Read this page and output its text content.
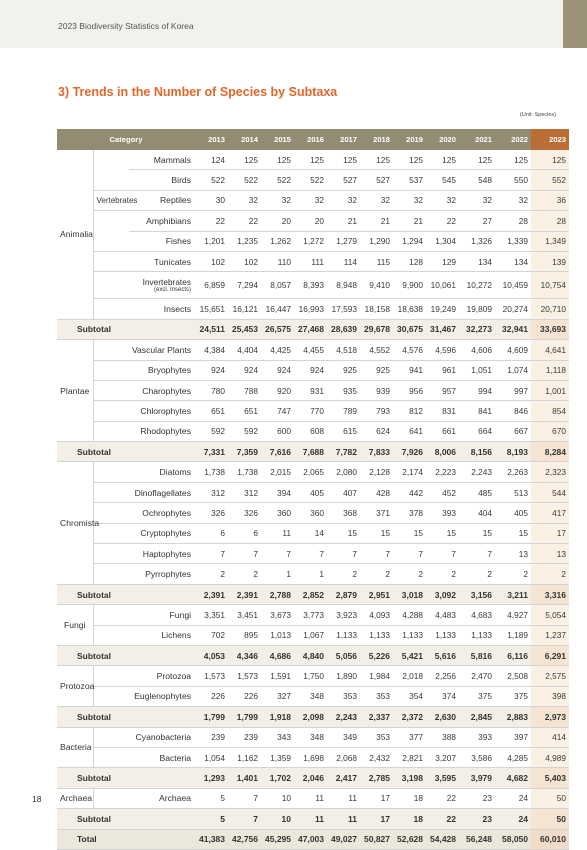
2023 Biodiversity Statistics of Korea
3) Trends in the Number of Species by Subtaxa
(Unit: Species)
Category			2013	2014	2015	2016	2017	2018	2019	2020	2021	2022	2023
Animalia		Mammals	124	125	125	125	125	125	125	125	125	125	125
		Birds	522	522	522	522	527	527	537	545	548	550	552
	Vertebrates	Reptiles	30	32	32	32	32	32	32	32	32	32	36
		Amphibians	22	22	20	20	21	21	21	22	27	28	28
		Fishes	1,201	1,235	1,262	1,272	1,279	1,290	1,294	1,304	1,326	1,339	1,349
	Tunicates		102	102	110	111	114	115	128	129	134	134	139

	Invertebrates
(excl. Insects)		6,859	7,294	8,057	8,393	8,948	9,410	9,900	10,061	10,272	10,459	10,754
	Insects		15,651	16,121	16,447	16,993	17,593	18,158	18,638	19,249	19,809	20,274	20,710
Subtotal			24,511	25,453	26,575	27,468	28,639	29,678	30,675	31,467	32,273	32,941	33,693
Plantae	Vascular Plants		4,384	4,404	4,425	4,455	4,518	4,552	4,576	4,596	4,606	4,609	4,641
	Bryophytes		924	924	924	924	925	925	941	961	1,051	1,074	1,118
	Charophytes		780	788	920	931	935	939	956	957	994	997	1,001
	Chlorophytes		651	651	747	770	789	793	812	831	841	846	854
	Rhodophytes		592	592	600	608	615	624	641	661	664	667	670
Subtotal			7,331	7,359	7,616	7,688	7,782	7,833	7,926	8,006	8,156	8,193	8,284
Chromista	Diatoms		1,738	1,738	2,015	2,065	2,080	2,128	2,174	2,223	2,243	2,263	2,323
	Dinoflagellates		312	312	394	405	407	428	442	452	485	513	544
	Ochrophytes		326	326	360	360	368	371	378	393	404	405	417
	Cryptophytes		6	6	11	14	15	15	15	15	15	15	17
	Haptophytes		7	7	7	7	7	7	7	7	7	13	13
	Pyrrophytes		2	2	1	1	2	2	2	2	2	2	2
Subtotal			2,391	2,391	2,788	2,852	2,879	2,951	3,018	3,092	3,156	3,211	3,316
Fungi	Fungi		3,351	3,451	3,673	3,773	3,923	4,093	4,288	4,483	4,683	4,927	5,054
	Lichens		702	895	1,013	1,067	1,133	1,133	1,133	1,133	1,133	1,189	1,237
Subtotal			4,053	4,346	4,686	4,840	5,056	5,226	5,421	5,616	5,816	6,116	6,291
Protozoa	Protozoa		1,573	1,573	1,591	1,750	1,890	1,984	2,018	2,256	2,470	2,508	2,575
	Euglenophytes		226	226	327	348	353	353	354	374	375	375	398
Subtotal			1,799	1,799	1,918	2,098	2,243	2,337	2,372	2,630	2,845	2,883	2,973
Bacteria	Cyanobacteria		239	239	343	348	349	353	377	388	393	397	414
	Bacteria		1,054	1,162	1,359	1,698	2,068	2,432	2,821	3,207	3,586	4,285	4,989
Subtotal			1,293	1,401	1,702	2,046	2,417	2,785	3,198	3,595	3,979	4,682	5,403
Archaea	Archaea		5	7	10	11	11	17	18	22	23	24	50
Subtotal			5	7	10	11	11	17	18	22	23	24	50
Total			41,383	42,756	45,295	47,003	49,027	50,827	52,628	54,428	56,248	58,050	60,010
18
